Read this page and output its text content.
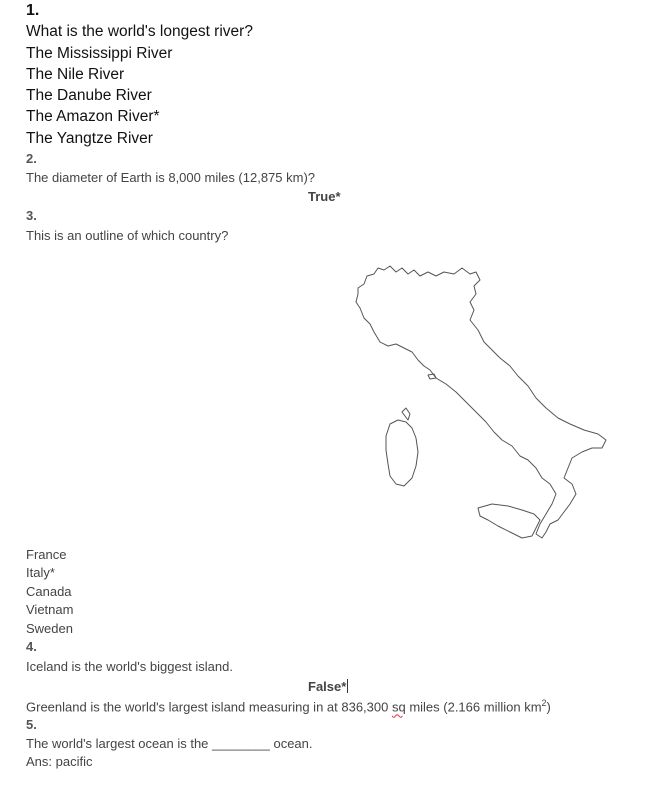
1.
What is the world's longest river?
The Mississippi River
The Nile River
The Danube River
The Amazon River*
The Yangtze River
2.
The diameter of Earth is 8,000 miles (12,875 km)?
True*
3.
This is an outline of which country?
France
Italy*
Canada
Vietnam
Sweden
4.
Iceland is the world's biggest island.
False*
Greenland is the world's largest island measuring in at 836,300 sq miles (2.166 million $km^2$)
5.
The world's largest ocean is the ________ ocean.
Ans: pacific
